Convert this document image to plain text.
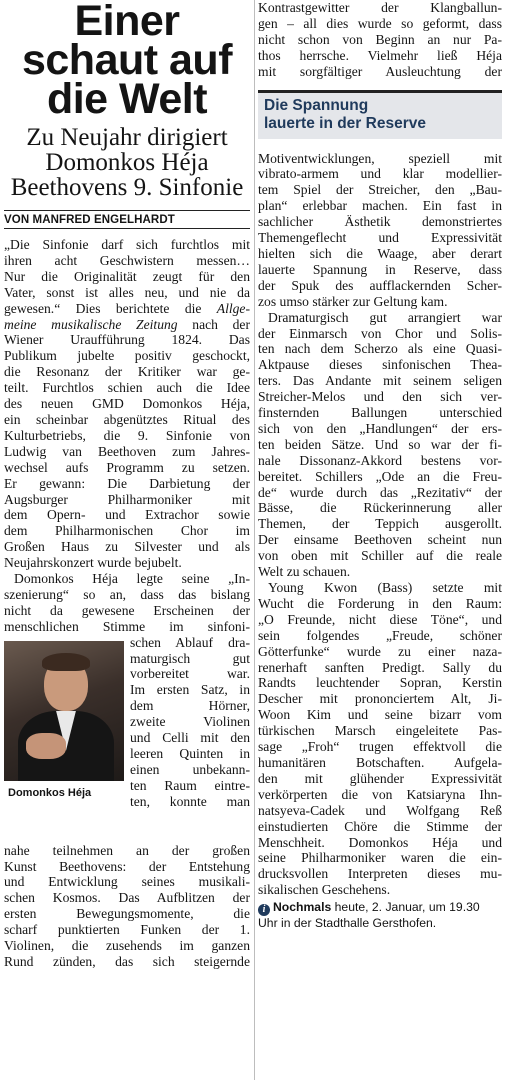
Einer
schaut auf
die Welt
Zu Neujahr dirigiert
Domonkos Héja
Beethovens 9. Sinfonie
VON MANFRED ENGELHARDT
„Die Sinfonie darf sich furchtlos mit
ihren acht Geschwistern messen…
Nur die Originalität zeugt für den
Vater, sonst ist alles neu, und nie da
gewesen.“ Dies berichtete die Allge-
meine musikalische Zeitung nach der
Wiener Uraufführung 1824. Das
Publikum jubelte positiv geschockt,
die Resonanz der Kritiker war ge-
teilt. Furchtlos schien auch die Idee
des neuen GMD Domonkos Héja,
ein scheinbar abgenütztes Ritual des
Kulturbetriebs, die 9. Sinfonie von
Ludwig van Beethoven zum Jahres-
wechsel aufs Programm zu setzen.
Er gewann: Die Darbietung der
Augsburger Philharmoniker mit
dem Opern- und Extrachor sowie
dem Philharmonischen Chor im
Großen Haus zu Silvester und als
Neujahrskonzert wurde bejubelt.
Domonkos Héja legte seine „In-
szenierung“ so an, dass das bislang
nicht da gewesene Erscheinen der
menschlichen Stimme im sinfoni-
Domonkos Héja
schen Ablauf dra-
maturgisch gut
vorbereitet war.
Im ersten Satz, in
dem Hörner,
zweite Violinen
und Celli mit den
leeren Quinten in
einen unbekann-
ten Raum eintre-
ten, konnte man
nahe teilnehmen an der großen
Kunst Beethovens: der Entstehung
und Entwicklung seines musikali-
schen Kosmos. Das Aufblitzen der
ersten Bewegungsmomente, die
scharf punktierten Funken der 1.
Violinen, die zusehends im ganzen
Rund zünden, das sich steigernde
Kontrastgewitter der Klangballun-
gen – all dies wurde so geformt, dass
nicht schon von Beginn an nur Pa-
thos herrsche. Vielmehr ließ Héja
mit sorgfältiger Ausleuchtung der
Die Spannung
lauerte in der Reserve
Motiventwicklungen, speziell mit
vibrato-armem und klar modellier-
tem Spiel der Streicher, den „Bau-
plan“ erlebbar machen. Ein fast in
sachlicher Ästhetik demonstriertes
Themengeflecht und Expressivität
hielten sich die Waage, aber derart
lauerte Spannung in Reserve, dass
der Spuk des aufflackernden Scher-
zos umso stärker zur Geltung kam.
Dramaturgisch gut arrangiert war
der Einmarsch von Chor und Solis-
ten nach dem Scherzo als eine Quasi-
Aktpause dieses sinfonischen Thea-
ters. Das Andante mit seinem seligen
Streicher-Melos und den sich ver-
finsternden Ballungen unterschied
sich von den „Handlungen“ der ers-
ten beiden Sätze. Und so war der fi-
nale Dissonanz-Akkord bestens vor-
bereitet. Schillers „Ode an die Freu-
de“ wurde durch das „Rezitativ“ der
Bässe, die Rückerinnerung aller
Themen, der Teppich ausgerollt.
Der einsame Beethoven scheint nun
von oben mit Schiller auf die reale
Welt zu schauen.
Young Kwon (Bass) setzte mit
Wucht die Forderung in den Raum:
„O Freunde, nicht diese Töne“, und
sein folgendes „Freude, schöner
Götterfunke“ wurde zu einer naza-
renerhaft sanften Predigt. Sally du
Randts leuchtender Sopran, Kerstin
Descher mit prononciertem Alt, Ji-
Woon Kim und seine bizarr vom
türkischen Marsch eingeleitete Pas-
sage „Froh“ trugen effektvoll die
humanitären Botschaften. Aufgela-
den mit glühender Expressivität
verkörperten die von Katsiaryna Ihn-
natsyeva-Cadek und Wolfgang Reß
einstudierten Chöre die Stimme der
Menschheit. Domonkos Héja und
seine Philharmoniker waren die ein-
drucksvollen Interpreten dieses mu-
sikalischen Geschehens.
i Nochmals heute, 2. Januar, um 19.30
Uhr in der Stadthalle Gersthofen.
